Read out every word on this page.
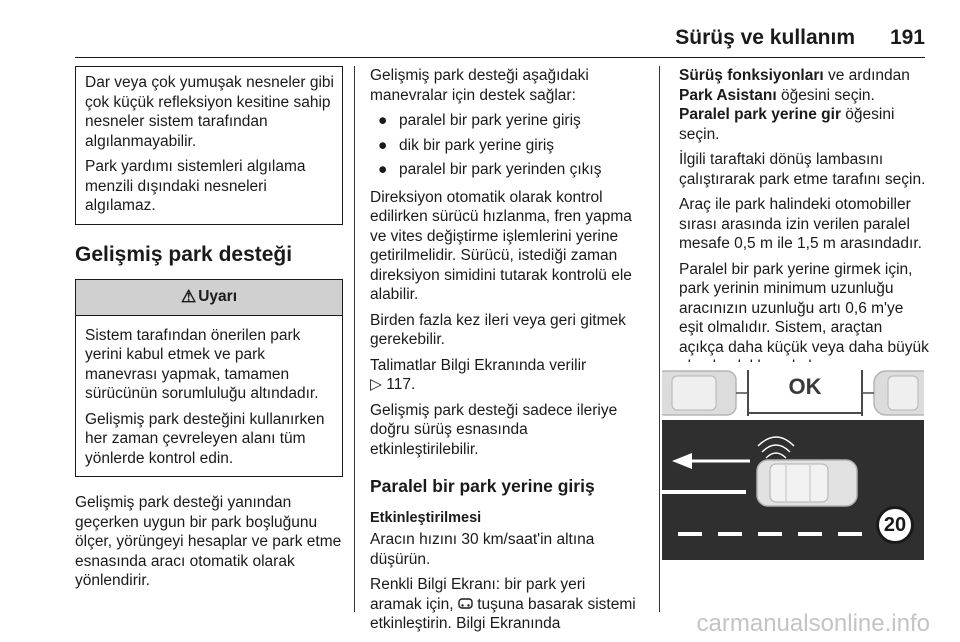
Sürüş ve kullanım 191

Dar veya çok yumuşak nesneler gibi çok küçük refleksiyon kesitine sahip nesneler sistem tarafından algılanmayabilir.

Park yardımı sistemleri algılama menzili dışındaki nesneleri algılamaz.

Gelişmiş park desteği
⚠ Uyarı

Sistem tarafından önerilen park yerini kabul etmek ve park manevrası yapmak, tamamen sürücünün sorumluluğu altındadır.

Gelişmiş park desteğini kullanırken her zaman çevreleyen alanı tüm yönlerde kontrol edin.

Gelişmiş park desteği yanından geçerken uygun bir park boşluğunu ölçer, yörüngeyi hesaplar ve park etme esnasında aracı otomatik olarak yönlendirir.

Gelişmiş park desteği aşağıdaki manevralar için destek sağlar:

● paralel bir park yerine giriş
● dik bir park yerine giriş
● paralel bir park yerinden çıkış

Direksiyon otomatik olarak kontrol edilirken sürücü hızlanma, fren yapma ve vites değiştirme işlemlerini yerine getirilmelidir. Sürücü, istediği zaman direksiyon simidini tutarak kontrolü ele alabilir.

Birden fazla kez ileri veya geri gitmek gerekebilir.

Talimatlar Bilgi Ekranında verilir
▷ 117.

Gelişmiş park desteği sadece ileriye doğru sürüş esnasında etkinleştirilebilir.

Paralel bir park yerine giriş
Etkinleştirilmesi

Aracın hızını 30 km/saat'in altına düşürün.

Renkli Bilgi Ekranı: bir park yeri aramak için, tuşuna basarak sistemi etkinleştirin. Bilgi Ekranında

Sürüş fonksiyonları ve ardından Park Asistanı öğesini seçin. Paralel park yerine gir öğesini seçin.

İlgili taraftaki dönüş lambasını çalıştırarak park etme tarafını seçin.

Araç ile park halindeki otomobiller sırası arasında izin verilen paralel mesafe 0,5 m ile 1,5 m arasındadır.

Paralel bir park yerine girmek için, park yerinin minimum uzunluğu aracınızın uzunluğu artı 0,6 m'ye eşit olmalıdır. Sistem, araçtan açıkça daha küçük veya daha büyük

OK
20
carmanualsonline.info
